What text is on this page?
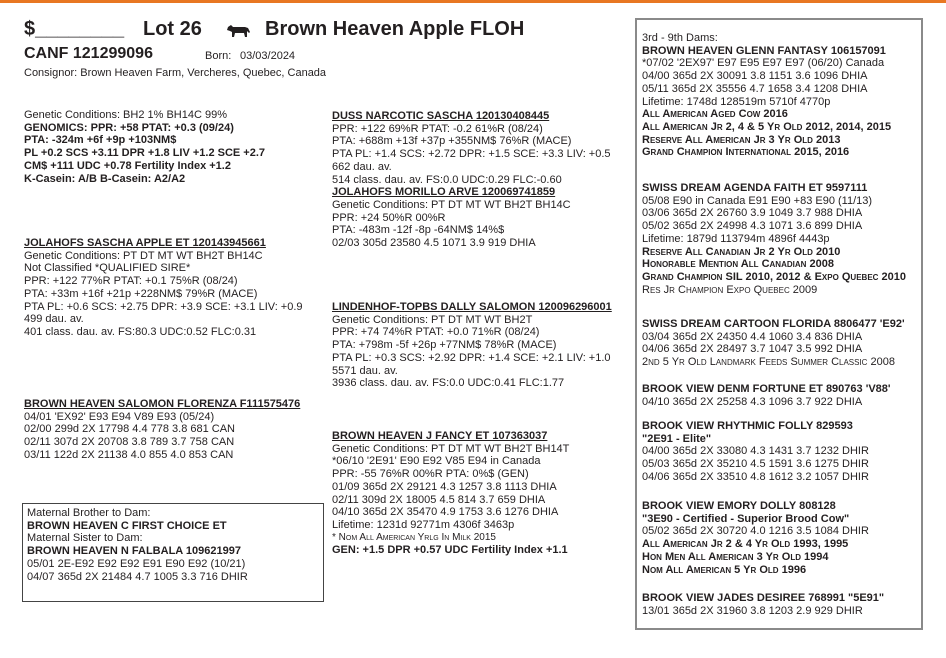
$________ Lot 26	Brown Heaven Apple FLOH
CANF 121299096	Born: 03/03/2024
Consignor: Brown Heaven Farm, Vercheres, Quebec, Canada
Genetic Conditions: BH2 1% BH14C 99%
GENOMICS: PPR: +58 PTAT: +0.3 (09/24)
PTA: -324m +6f +9p +103NM$
PL +0.2 SCS +3.11 DPR +1.8 LIV +1.2 SCE +2.7
CM$ +111 UDC +0.78 Fertility Index +1.2
K-Casein: A/B B-Casein: A2/A2
JOLAHOFS SASCHA APPLE ET 120143945661
Genetic Conditions: PT DT MT WT BH2T BH14C
Not Classified *QUALIFIED SIRE*
PPR: +122 77%R PTAT: +0.1 75%R (08/24)
PTA: +33m +16f +21p +228NM$ 79%R (MACE)
PTA PL: +0.6 SCS: +2.75 DPR: +3.9 SCE: +3.1 LIV: +0.9
499 dau. av.
401 class. dau. av. FS:80.3 UDC:0.52 FLC:0.31
BROWN HEAVEN SALOMON FLORENZA F111575476
04/01 'EX92' E93 E94 V89 E93 (05/24)
02/00 299d 2X 17798 4.4 778 3.8 681 CAN
02/11 307d 2X 20708 3.8 789 3.7 758 CAN
03/11 122d 2X 21138 4.0 855 4.0 853 CAN
Maternal Brother to Dam:
BROWN HEAVEN C FIRST CHOICE ET
Maternal Sister to Dam:
BROWN HEAVEN N FALBALA 109621997
05/01 2E-E92 E92 E92 E91 E90 E92 (10/21)
04/07 365d 2X 21484 4.7 1005 3.3 716 DHIR
DUSS NARCOTIC SASCHA 120130408445
PPR: +122 69%R PTAT: -0.2 61%R (08/24)
PTA: +688m +13f +37p +355NM$ 76%R (MACE)
PTA PL: +1.4 SCS: +2.72 DPR: +1.5 SCE: +3.3 LIV: +0.5
662 dau. av.
514 class. dau. av. FS:0.0 UDC:0.29 FLC:-0.60
JOLAHOFS MORILLO ARVE 120069741859
Genetic Conditions: PT DT MT WT BH2T BH14C
PPR: +24 50%R 00%R
PTA: -483m -12f -8p -64NM$ 14%$
02/03 305d 23580 4.5 1071 3.9 919 DHIA
LINDENHOF-TOPBS DALLY SALOMON 120096296001
Genetic Conditions: PT DT MT WT BH2T
PPR: +74 74%R PTAT: +0.0 71%R (08/24)
PTA: +798m -5f +26p +77NM$ 78%R (MACE)
PTA PL: +0.3 SCS: +2.92 DPR: +1.4 SCE: +2.1 LIV: +1.0
5571 dau. av.
3936 class. dau. av. FS:0.0 UDC:0.41 FLC:1.77
BROWN HEAVEN J FANCY ET 107363037
Genetic Conditions: PT DT MT WT BH2T BH14T
*06/10 '2E91' E90 E92 V85 E94 in Canada
PPR: -55 76%R 00%R PTA: 0%$ (GEN)
01/09 365d 2X 29121 4.3 1257 3.8 1113 DHIA
02/11 309d 2X 18005 4.5 814 3.7 659 DHIA
04/10 365d 2X 35470 4.9 1753 3.6 1276 DHIA
Lifetime: 1231d 92771m 4306f 3463p
* Nom All American Yrlg In Milk 2015
GEN: +1.5 DPR +0.57 UDC Fertility Index +1.1
3rd - 9th Dams:
BROWN HEAVEN GLENN FANTASY 106157091
*07/02 '2EX97' E97 E95 E97 E97 (06/20) Canada
04/00 365d 2X 30091 3.8 1151 3.6 1096 DHIA
05/11 365d 2X 35556 4.7 1658 3.4 1208 DHIA
Lifetime: 1748d 128519m 5710f 4770p
All American Aged Cow 2016
All American Jr 2, 4 & 5 Yr Old 2012, 2014, 2015
Reserve All American Jr 3 Yr Old 2013
Grand Champion International 2015, 2016
SWISS DREAM AGENDA FAITH ET 9597111
05/08 E90 in Canada E91 E90 +83 E90 (11/13)
03/06 365d 2X 26760 3.9 1049 3.7 988 DHIA
05/02 365d 2X 24998 4.3 1071 3.6 899 DHIA
Lifetime: 1879d 113794m 4896f 4443p
Reserve All Canadian Jr 2 Yr Old 2010
Honorable Mention All Canadian 2008
Grand Champion SIL 2010, 2012 & Expo Quebec 2010
Res Jr Champion Expo Quebec 2009
SWISS DREAM CARTOON FLORIDA 8806477 'E92'
03/04 365d 2X 24350 4.4 1060 3.4 836 DHIA
04/06 365d 2X 28497 3.7 1047 3.5 992 DHIA
2nd 5 Yr Old Landmark Feeds Summer Classic 2008
BROOK VIEW DENM FORTUNE ET 890763 'V88'
04/10 365d 2X 25258 4.3 1096 3.7 922 DHIA
BROOK VIEW RHYTHMIC FOLLY 829593
"2E91 - Elite"
04/00 365d 2X 33080 4.3 1431 3.7 1232 DHIR
05/03 365d 2X 35210 4.5 1591 3.6 1275 DHIR
04/06 365d 2X 33510 4.8 1612 3.2 1057 DHIR
BROOK VIEW EMORY DOLLY 808128
"3E90 - Certified - Superior Brood Cow"
05/02 365d 2X 30720 4.0 1216 3.5 1084 DHIR
All American Jr 2 & 4 Yr Old 1993, 1995
Hon Men All American 3 Yr Old 1994
Nom All American 5 Yr Old 1996
BROOK VIEW JADES DESIREE 768991 "5E91"
13/01 365d 2X 31960 3.8 1203 2.9 929 DHIR
